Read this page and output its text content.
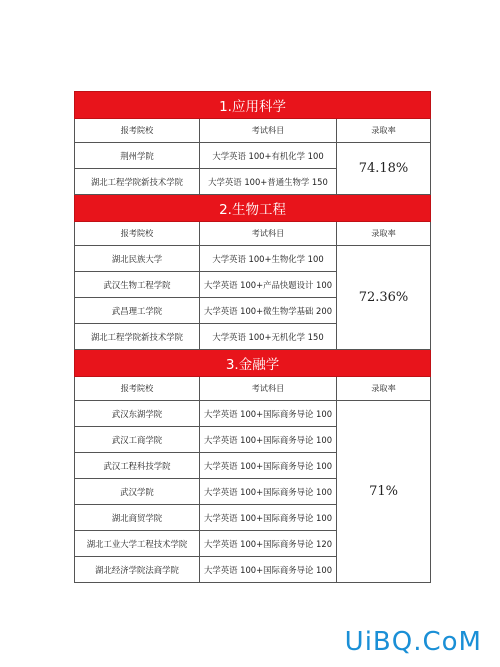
1.应用科学		
报考院校	考试科目	录取率
荆州学院	大学英语 100+有机化学 100	74.18%
湖北工程学院新技术学院	大学英语 100+普通生物学 150	
2.生物工程		
报考院校	考试科目	录取率
湖北民族大学	大学英语 100+生物化学 100	72.36%
武汉生物工程学院	大学英语 100+产品快题设计 100	
武昌理工学院	大学英语 100+微生物学基础 200	
湖北工程学院新技术学院	大学英语 100+无机化学 150	
3.金融学		
报考院校	考试科目	录取率
武汉东湖学院	大学英语 100+国际商务导论 100	71%
武汉工商学院	大学英语 100+国际商务导论 100	
武汉工程科技学院	大学英语 100+国际商务导论 100	
武汉学院	大学英语 100+国际商务导论 100	
湖北商贸学院	大学英语 100+国际商务导论 100	
湖北工业大学工程技术学院	大学英语 100+国际商务导论 120	
湖北经济学院法商学院	大学英语 100+国际商务导论 100	
UiBQ.CoM
